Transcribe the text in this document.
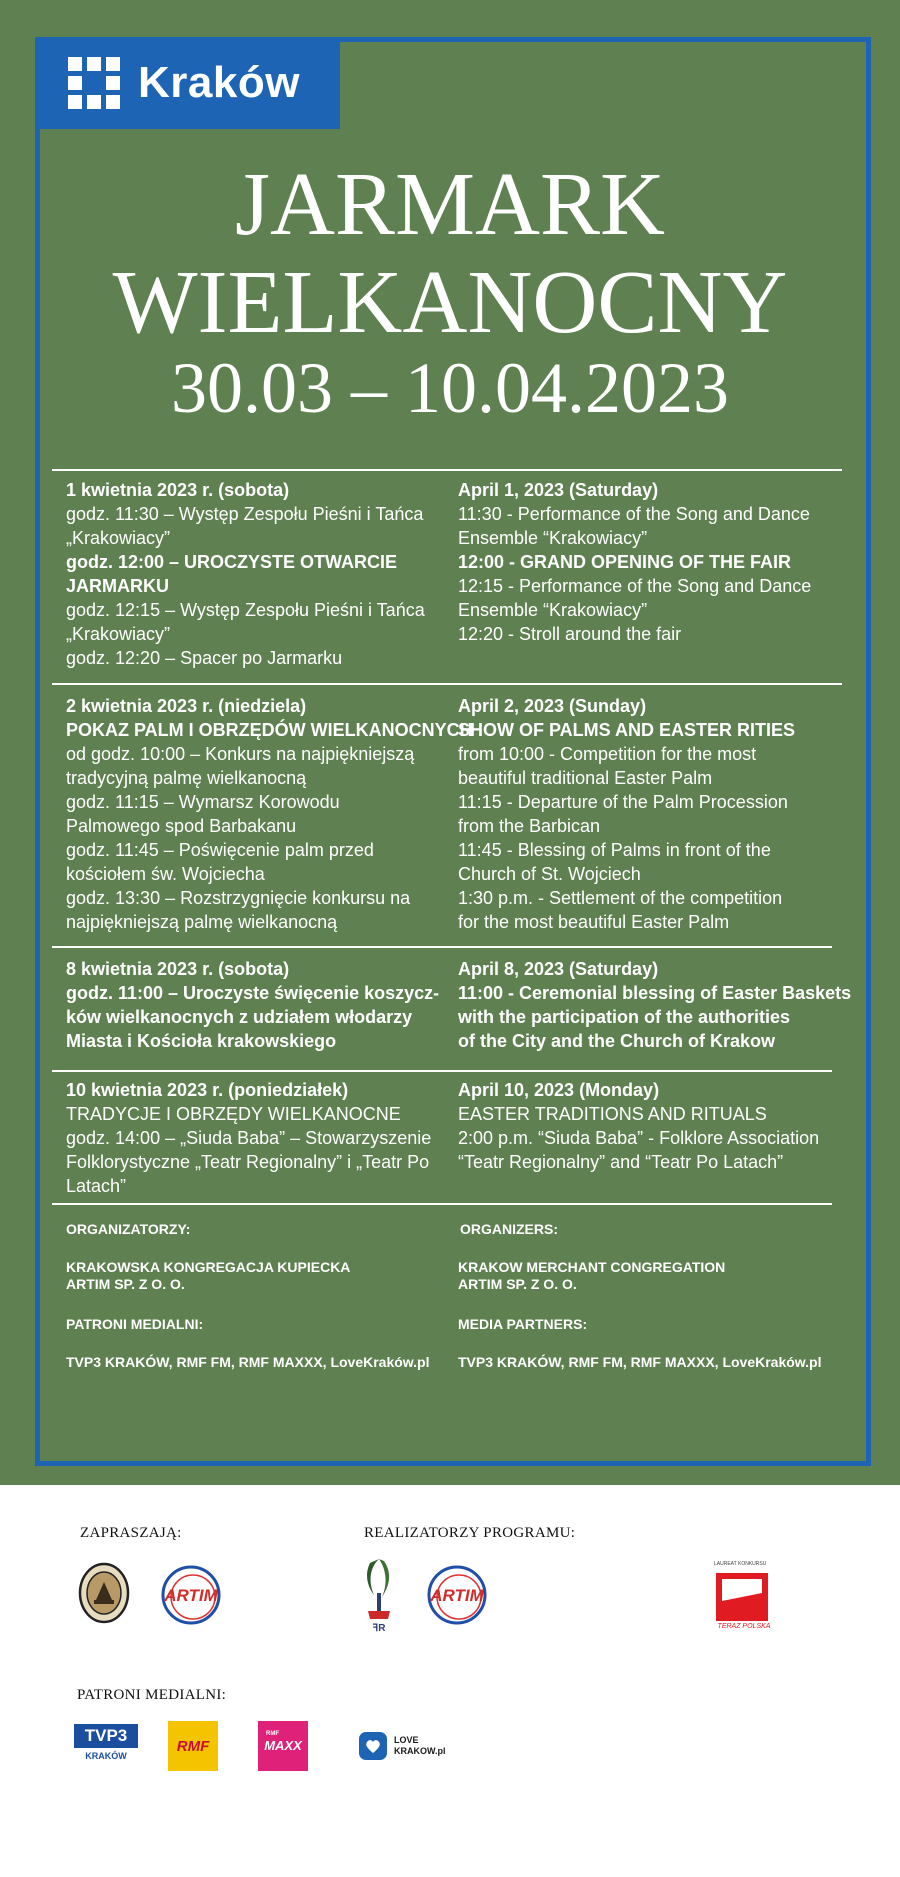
Kraków
JARMARK
WIELKANOCNY
30.03 – 10.04.2023
1 kwietnia 2023 r. (sobota)
godz. 11:30 – Występ Zespołu Pieśni i Tańca
„Krakowiacy”
godz. 12:00 – UROCZYSTE OTWARCIE
JARMARKU
godz. 12:15 – Występ Zespołu Pieśni i Tańca
„Krakowiacy”
godz. 12:20 – Spacer po Jarmarku
April 1, 2023 (Saturday)
11:30 - Performance of the Song and Dance
Ensemble “Krakowiacy”
12:00 - GRAND OPENING OF THE FAIR
12:15 - Performance of the Song and Dance
Ensemble “Krakowiacy”
12:20 - Stroll around the fair
2 kwietnia 2023 r. (niedziela)
POKAZ PALM I OBRZĘDÓW WIELKANOCNYCH
od godz. 10:00 – Konkurs na najpiękniejszą
tradycyjną palmę wielkanocną
godz. 11:15 – Wymarsz Korowodu
Palmowego spod Barbakanu
godz. 11:45 – Poświęcenie palm przed
kościołem św. Wojciecha
godz. 13:30 – Rozstrzygnięcie konkursu na
najpiękniejszą palmę wielkanocną
April 2, 2023 (Sunday)
SHOW OF PALMS AND EASTER RITIES
from 10:00 - Competition for the most
beautiful traditional Easter Palm
11:15 - Departure of the Palm Procession
from the Barbican
11:45 - Blessing of Palms in front of the
Church of St. Wojciech
1:30 p.m. - Settlement of the competition
for the most beautiful Easter Palm
8 kwietnia 2023 r. (sobota)
godz. 11:00 – Uroczyste święcenie koszycz-
ków wielkanocnych z udziałem włodarzy
Miasta i Kościoła krakowskiego
April 8, 2023 (Saturday)
11:00 - Ceremonial blessing of Easter Baskets
with the participation of the authorities
of the City and the Church of Krakow
10 kwietnia 2023 r. (poniedziałek)
TRADYCJE I OBRZĘDY WIELKANOCNE
godz. 14:00 – „Siuda Baba” – Stowarzyszenie
Folklorystyczne „Teatr Regionalny” i „Teatr Po
Latach”
April 10, 2023 (Monday)
EASTER TRADITIONS AND RITUALS
2:00 p.m. “Siuda Baba” - Folklore Association
“Teatr Regionalny” and “Teatr Po Latach”
ORGANIZATORZY:
KRAKOWSKA KONGREGACJA KUPIECKA
ARTIM SP. Z O. O.
PATRONI MEDIALNI:
TVP3 KRAKÓW, RMF FM, RMF MAXXX, LoveKraków.pl
ORGANIZERS:
KRAKOW MERCHANT CONGREGATION
ARTIM SP. Z O. O.
MEDIA PARTNERS:
TVP3 KRAKÓW, RMF FM, RMF MAXXX, LoveKraków.pl
ZAPRASZAJĄ:	REALIZATORZY PROGRAMU:
PATRONI MEDIALNI:
ARTIM
ꟻR
ARTIM
LAUREAT KONKURSU
TERAZ POLSKA
TVP3
KRAKÓW
RMF
RMF
MAXX	LOVE
KRAKOW.pl
